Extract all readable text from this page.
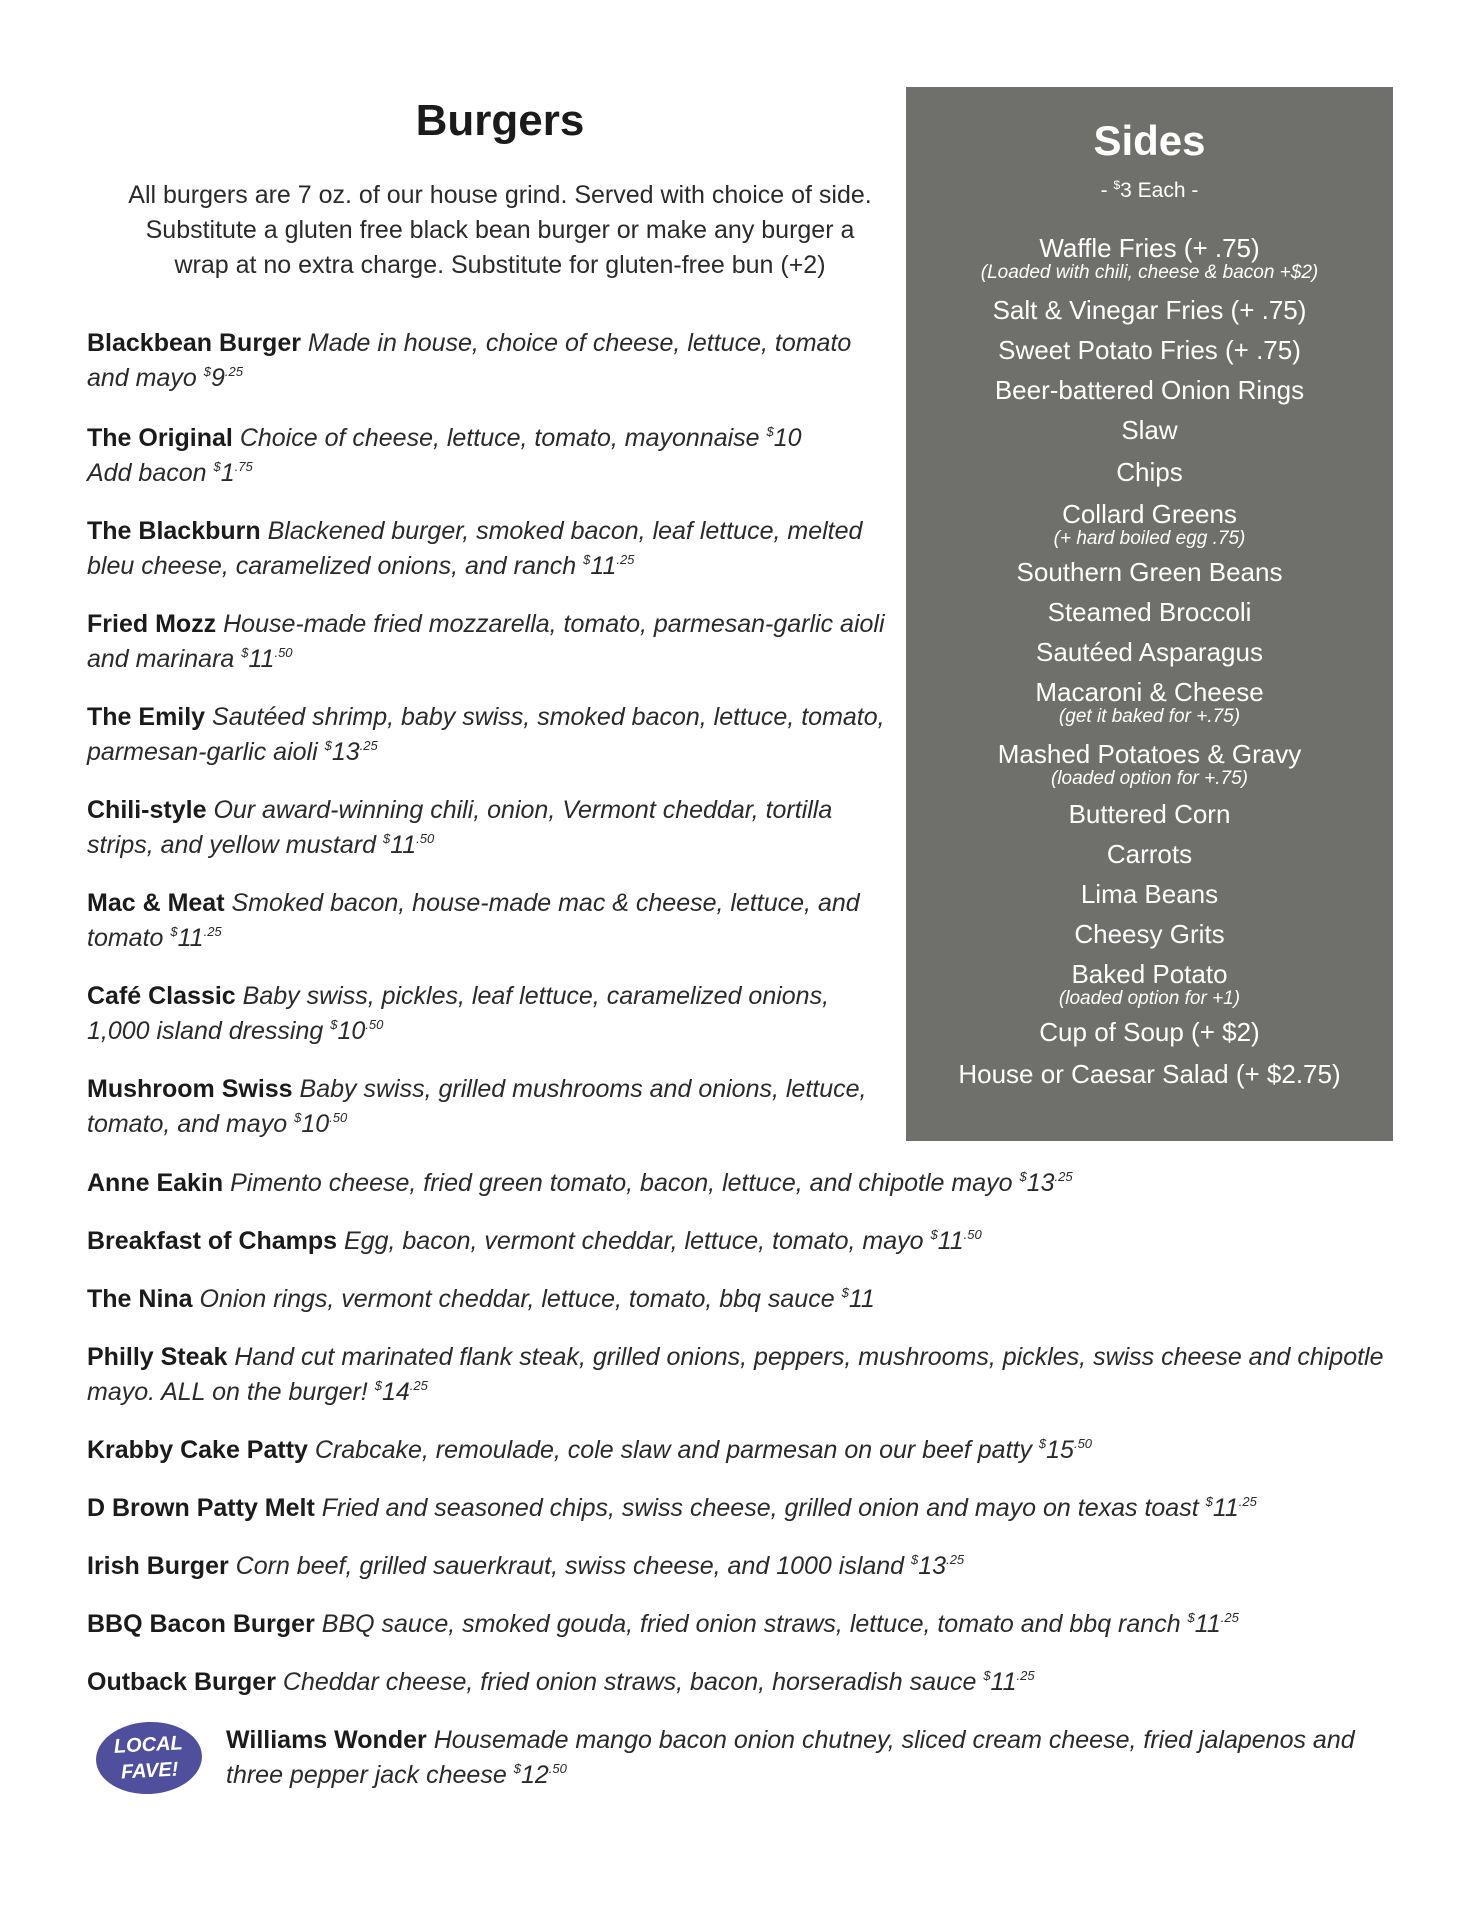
Burgers
All burgers are 7 oz. of our house grind. Served with choice of side.
Substitute a gluten free black bean burger or make any burger a
wrap at no extra charge. Substitute for gluten-free bun (+2)
Blackbean Burger Made in house, choice of cheese, lettuce, tomato and mayo $^{\$}9^{.25}$
The Original Choice of cheese, lettuce, tomato, mayonnaise $10
Add bacon $^{\$}1^{.75}$
The Blackburn Blackened burger, smoked bacon, leaf lettuce, melted bleu cheese, caramelized onions, and ranch $^{\$}11^{.25}$
Fried Mozz House-made fried mozzarella, tomato, parmesan-garlic aioli and marinara $^{\$}11^{.50}$
The Emily Sautéed shrimp, baby swiss, smoked bacon, lettuce, tomato, parmesan-garlic aioli $^{\$}13^{.25}$
Chili-style Our award-winning chili, onion, Vermont cheddar, tortilla strips, and yellow mustard $^{\$}11^{.50}$
Mac & Meat Smoked bacon, house-made mac & cheese, lettuce, and tomato $^{\$}11^{.25}$
Café Classic Baby swiss, pickles, leaf lettuce, caramelized onions, 1,000 island dressing $^{\$}10^{.50}$
Mushroom Swiss Baby swiss, grilled mushrooms and onions, lettuce, tomato, and mayo $^{\$}10^{.50}$
Anne Eakin Pimento cheese, fried green tomato, bacon, lettuce, and chipotle mayo $^{\$}13^{.25}$
Breakfast of Champs Egg, bacon, vermont cheddar, lettuce, tomato, mayo $^{\$}11^{.50}$
The Nina Onion rings, vermont cheddar, lettuce, tomato, bbq sauce $11
Philly Steak Hand cut marinated flank steak, grilled onions, peppers, mushrooms, pickles, swiss cheese and chipotle mayo. ALL on the burger! $^{\$}14^{.25}$
Krabby Cake Patty Crabcake, remoulade, cole slaw and parmesan on our beef patty $^{\$}15^{.50}$
D Brown Patty Melt Fried and seasoned chips, swiss cheese, grilled onion and mayo on texas toast $^{\$}11^{.25}$
Irish Burger Corn beef, grilled sauerkraut, swiss cheese, and 1000 island $^{\$}13^{.25}$
BBQ Bacon Burger BBQ sauce, smoked gouda, fried onion straws, lettuce, tomato and bbq ranch $^{\$}11^{.25}$
Outback Burger Cheddar cheese, fried onion straws, bacon, horseradish sauce $^{\$}11^{.25}$
LOCAL
FAVE!
Williams Wonder Housemade mango bacon onion chutney, sliced cream cheese, fried jalapenos and three pepper jack cheese $^{\$}12^{.50}$
Sides
- $3 Each -
Waffle Fries (+ .75)
(Loaded with chili, cheese & bacon +$2)
Salt & Vinegar Fries (+ .75)
Sweet Potato Fries (+ .75)
Beer-battered Onion Rings
Slaw
Chips
Collard Greens
(+ hard boiled egg .75)
Southern Green Beans
Steamed Broccoli
Sautéed Asparagus
Macaroni & Cheese
(get it baked for +.75)
Mashed Potatoes & Gravy
(loaded option for +.75)
Buttered Corn
Carrots
Lima Beans
Cheesy Grits
Baked Potato
(loaded option for +1)
Cup of Soup (+ $2)
House or Caesar Salad (+ $2.75)
